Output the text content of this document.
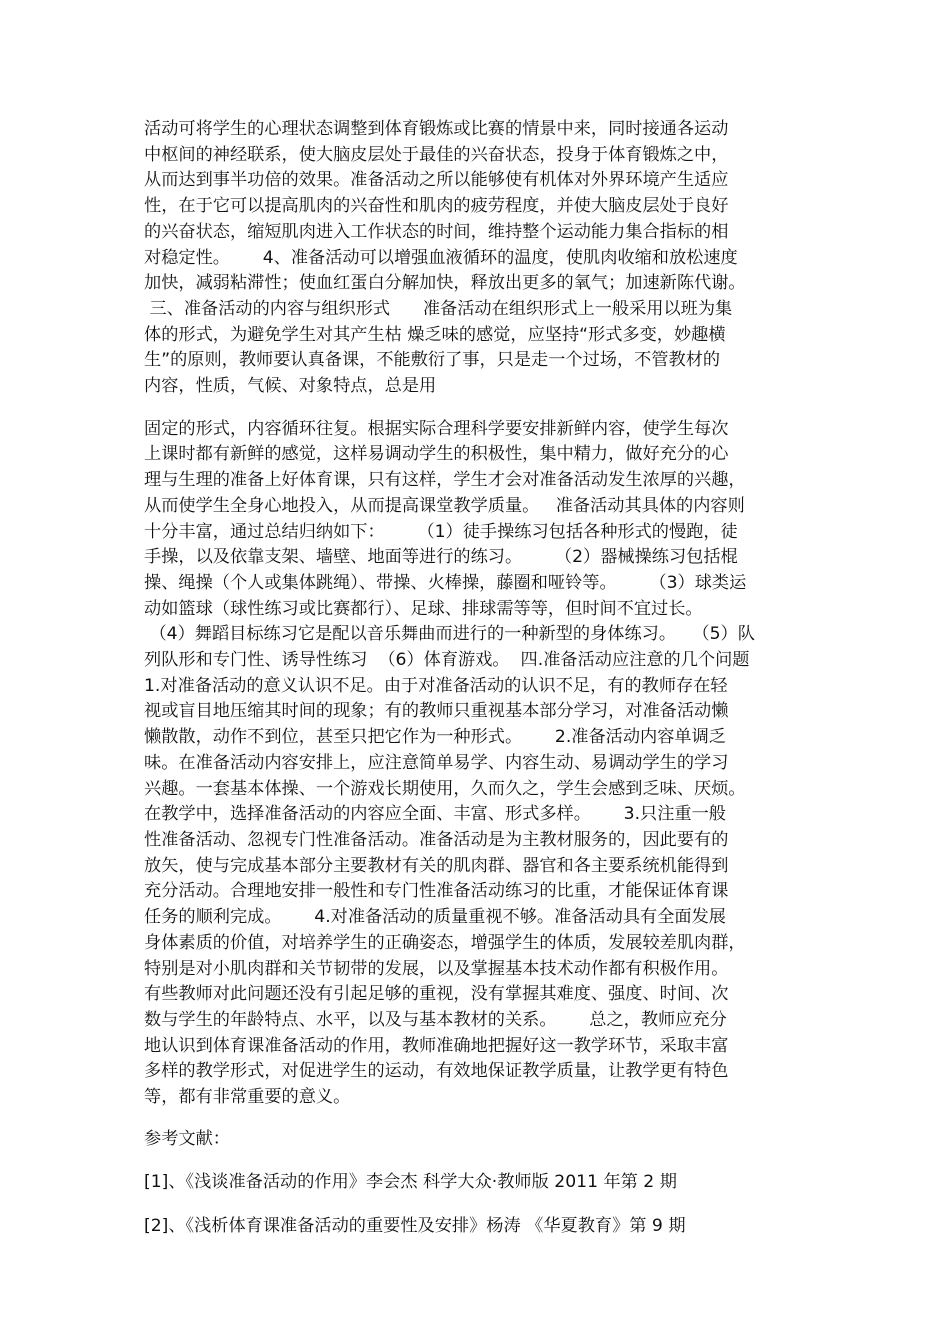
活动可将学生的心理状态调整到体育锻炼或比赛的情景中来，同时接通各运动
中枢间的神经联系，使大脑皮层处于最佳的兴奋状态，投身于体育锻炼之中，
从而达到事半功倍的效果。准备活动之所以能够使有机体对外界环境产生适应
性，在于它可以提高肌肉的兴奋性和肌肉的疲劳程度，并使大脑皮层处于良好
的兴奋状态，缩短肌肉进入工作状态的时间，维持整个运动能力集合指标的相
对稳定性。      4、准备活动可以增强血液循环的温度，使肌肉收缩和放松速度
加快，减弱粘滞性；使血红蛋白分解加快，释放出更多的氧气；加速新陈代谢。
三、准备活动的内容与组织形式      准备活动在组织形式上一般采用以班为集
体的形式，为避免学生对其产生枯 燥乏味的感觉，应坚持“形式多变，妙趣横
生”的原则，教师要认真备课，不能敷衍了事，只是走一个过场，不管教材的
内容，性质，气候、对象特点，总是用

固定的形式，内容循环往复。根据实际合理科学要安排新鲜内容，使学生每次
上课时都有新鲜的感觉，这样易调动学生的积极性，集中精力，做好充分的心
理与生理的准备上好体育课，只有这样，学生才会对准备活动发生浓厚的兴趣，
从而使学生全身心地投入，从而提高课堂教学质量。   准备活动其具体的内容则
十分丰富，通过总结归纳如下：      （1）徒手操练习包括各种形式的慢跑，徒
手操，以及依靠支架、墙壁、地面等进行的练习。      （2）器械操练习包括棍
操、绳操（个人或集体跳绳）、带操、火棒操，藤圈和哑铃等。      （3）球类运
动如篮球（球性练习或比赛都行）、足球、排球需等等，但时间不宜过长。
（4）舞蹈目标练习它是配以音乐舞曲而进行的一种新型的身体练习。   （5）队
列队形和专门性、诱导性练习  （6）体育游戏。  四.准备活动应注意的几个问题
1.对准备活动的意义认识不足。由于对准备活动的认识不足，有的教师存在轻
视或盲目地压缩其时间的现象；有的教师只重视基本部分学习，对准备活动懒
懒散散，动作不到位，甚至只把它作为一种形式。      2.准备活动内容单调乏
味。在准备活动内容安排上，应注意简单易学、内容生动、易调动学生的学习
兴趣。一套基本体操、一个游戏长期使用，久而久之，学生会感到乏味、厌烦。
在教学中，选择准备活动的内容应全面、丰富、形式多样。      3.只注重一般
性准备活动、忽视专门性准备活动。准备活动是为主教材服务的，因此要有的
放矢，使与完成基本部分主要教材有关的肌肉群、器官和各主要系统机能得到
充分活动。合理地安排一般性和专门性准备活动练习的比重，才能保证体育课
任务的顺利完成。      4.对准备活动的质量重视不够。准备活动具有全面发展
身体素质的价值，对培养学生的正确姿态，增强学生的体质，发展较差肌肉群，
特别是对小肌肉群和关节韧带的发展，以及掌握基本技术动作都有积极作用。
有些教师对此问题还没有引起足够的重视，没有掌握其难度、强度、时间、次
数与学生的年龄特点、水平，以及与基本教材的关系。      总之，教师应充分
地认识到体育课准备活动的作用，教师准确地把握好这一教学环节，采取丰富
多样的教学形式，对促进学生的运动，有效地保证教学质量，让教学更有特色
等，都有非常重要的意义。

参考文献：
[1]、《浅谈准备活动的作用》李会杰 科学大众·教师版 2011 年第 2 期
[2]、《浅析体育课准备活动的重要性及安排》杨涛 《华夏教育》第 9 期
